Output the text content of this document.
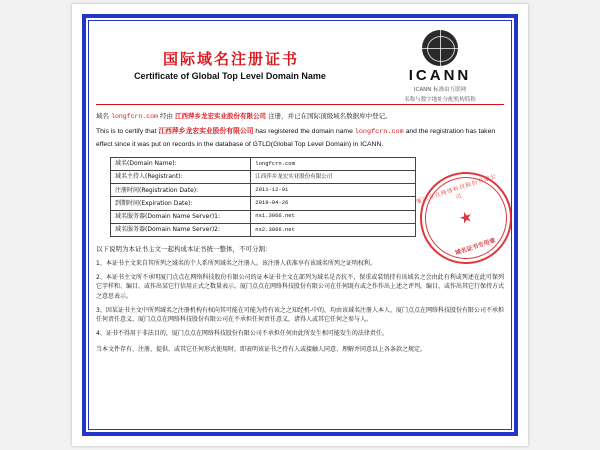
国际域名注册证书
Certificate of Global Top Level Domain Name	ICANN
ICANN 标准由互联网
名称与数字地址分配机构简称
域名 longfcrn.com 经由 江西萍乡龙宏实业股份有限公司 注册，并已在国际顶级域名数据库中登记。
This is to certify that 江西萍乡龙宏实业股份有限公司 has registered the domain name longfcrn.com and the registration has taken effect since it was put on records in the database of GTLD(Global Top Level Domain) in ICANN.
域名(Domain Name):	longfcrn.com
域名主持人(Registrant):	江西萍乡龙宏实业股份有限公司
注册时间(Registration Date):	2011-12-01
到期时间(Expiration Date):	2019-04-26
域名服务器(Domain Name Server)1:	ns1.3066.net
域名服务器(Domain Name Server)2:	ns2.3066.net
以下说明为本证书主文一起构成本证书统一整体，不可分割：
1、本证书主文来自其所列之域名的个人系所列域名之注册人。该注册人获准享有该域名所列之证明权利。
2、本证书主文所不承明厦门点点在网络科技股份有限公司的证本证书主文在部列为域名是否抗不，保重或装销持有该域名之会由此有利或列述在此可保列它字样和、编目、或作出某它行信用正式之数量表示。厦门点点在网络科技股份有限公司在任何既有或之作作出上述之评判，编目、或作出其它行保持方式之意思表示。
3、因某证书主文中所列域名之注册机构有权向其可能在可能为持有该之之知经机-中的，均由该域名注册人本人、厦门点点在网络科技股份有限公司不承担任何责任意义、厦门点点在网络科技股份有限公司在不承担任何责任意义，诸得人或其它任何之参与人。
4、证书不得用于非法目的，厦门点点在网络科技股份有限公司不承担任何由此所发生相可能发生的法律责任。
当本文件存有、注册、提供、或其它任何形式使用时，即表明该证书之持有人或接触人同意、理解并同意以上各条款之规定。
厦门点点网络科技股份有限公司
★
域名证书专用章
